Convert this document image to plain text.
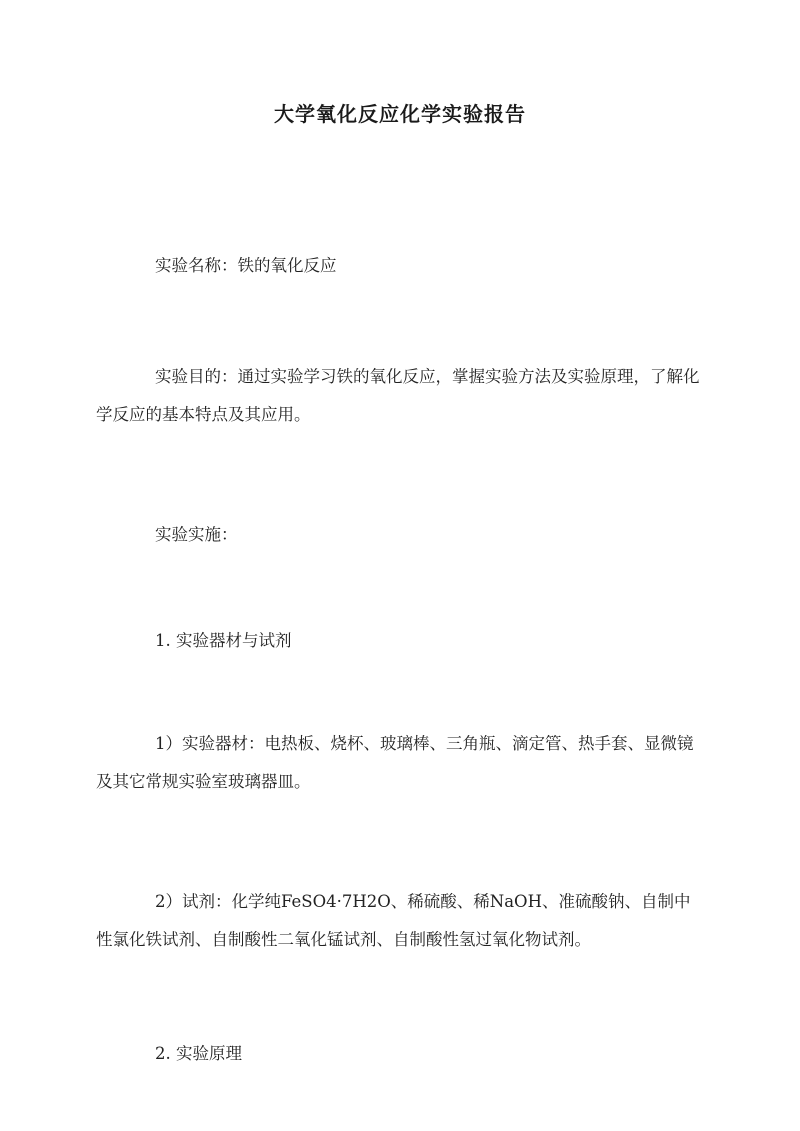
大学氧化反应化学实验报告

实验名称：铁的氧化反应

实验目的：通过实验学习铁的氧化反应，掌握实验方法及实验原理，了解化学反应的基本特点及其应用。

实验实施：

1. 实验器材与试剂

1）实验器材：电热板、烧杯、玻璃棒、三角瓶、滴定管、热手套、显微镜及其它常规实验室玻璃器皿。

2）试剂：化学纯FeSO4·7H2O、稀硫酸、稀NaOH、准硫酸钠、自制中性氯化铁试剂、自制酸性二氧化锰试剂、自制酸性氢过氧化物试剂。

2. 实验原理
